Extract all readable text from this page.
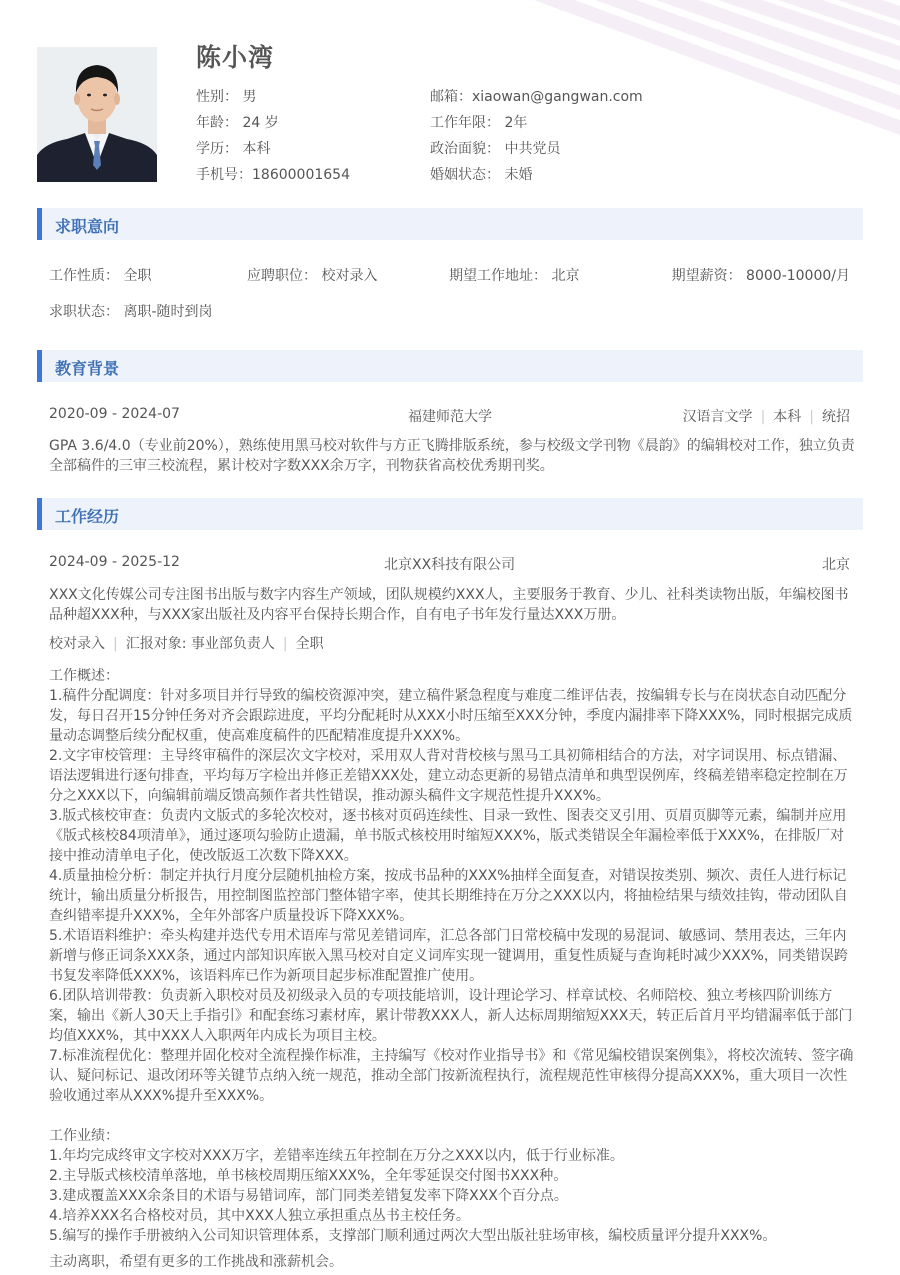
陈小湾
性别： 男	邮箱：xiaowan@gangwan.com
年龄： 24 岁	工作年限： 2年
学历： 本科	政治面貌： 中共党员
手机号：18600001654	婚姻状态： 未婚
求职意向
工作性质： 全职	应聘职位： 校对录入	期望工作地址： 北京	期望薪资： 8000-10000/月
求职状态： 离职-随时到岗
教育背景
2020-09 - 2024-07	福建师范大学	汉语言文学 | 本科 | 统招

GPA 3.6/4.0（专业前20%），熟练使用黑马校对软件与方正飞腾排版系统，参与校级文学刊物《晨韵》的编辑校对工作，独立负责全部稿件的三审三校流程，累计校对字数XXX余万字，刊物获省高校优秀期刊奖。

工作经历
2024-09 - 2025-12	北京XX科技有限公司	北京

XXX文化传媒公司专注图书出版与数字内容生产领域，团队规模约XXX人，主要服务于教育、少儿、社科类读物出版，年编校图书品种超XXX种，与XXX家出版社及内容平台保持长期合作，自有电子书年发行量达XXX万册。

校对录入 | 汇报对象: 事业部负责人 | 全职
工作概述：
1.稿件分配调度：针对多项目并行导致的编校资源冲突，建立稿件紧急程度与难度二维评估表，按编辑专长与在岗状态自动匹配分发，每日召开15分钟任务对齐会跟踪进度，平均分配耗时从XXX小时压缩至XXX分钟，季度内漏排率下降XXX%，同时根据完成质量动态调整后续分配权重，使高难度稿件的匹配精准度提升XXX%。
2.文字审校管理：主导终审稿件的深层次文字校对，采用双人背对背校核与黑马工具初筛相结合的方法，对字词误用、标点错漏、语法逻辑进行逐句排查，平均每万字检出并修正差错XXX处，建立动态更新的易错点清单和典型误例库，终稿差错率稳定控制在万分之XXX以下，向编辑前端反馈高频作者共性错误，推动源头稿件文字规范性提升XXX%。
3.版式核校审查：负责内文版式的多轮次校对，逐书核对页码连续性、目录一致性、图表交叉引用、页眉页脚等元素，编制并应用《版式核校84项清单》，通过逐项勾验防止遗漏，单书版式核校用时缩短XXX%，版式类错误全年漏检率低于XXX%，在排版厂对接中推动清单电子化，使改版返工次数下降XXX。
4.质量抽检分析：制定并执行月度分层随机抽检方案，按成书品种的XXX%抽样全面复查，对错误按类别、频次、责任人进行标记统计，输出质量分析报告，用控制图监控部门整体错字率，使其长期维持在万分之XXX以内，将抽检结果与绩效挂钩，带动团队自查纠错率提升XXX%，全年外部客户质量投诉下降XXX%。
5.术语语料维护：牵头构建并迭代专用术语库与常见差错词库，汇总各部门日常校稿中发现的易混词、敏感词、禁用表达，三年内新增与修正词条XXX条，通过内部知识库嵌入黑马校对自定义词库实现一键调用，重复性质疑与查询耗时减少XXX%，同类错误跨书复发率降低XXX%，该语料库已作为新项目起步标准配置推广使用。
6.团队培训带教：负责新入职校对员及初级录入员的专项技能培训，设计理论学习、样章试校、名师陪校、独立考核四阶训练方案，输出《新人30天上手指引》和配套练习素材库，累计带教XXX人，新人达标周期缩短XXX天，转正后首月平均错漏率低于部门均值XXX%，其中XXX人入职两年内成长为项目主校。
7.标准流程优化：整理并固化校对全流程操作标准，主持编写《校对作业指导书》和《常见编校错误案例集》，将校次流转、签字确认、疑问标记、退改闭环等关键节点纳入统一规范，推动全部门按新流程执行，流程规范性审核得分提高XXX%，重大项目一次性验收通过率从XXX%提升至XXX%。
工作业绩：
1.年均完成终审文字校对XXX万字，差错率连续五年控制在万分之XXX以内，低于行业标准。
2.主导版式核校清单落地，单书核校周期压缩XXX%，全年零延误交付图书XXX种。
3.建成覆盖XXX余条目的术语与易错词库，部门同类差错复发率下降XXX个百分点。
4.培养XXX名合格校对员，其中XXX人独立承担重点丛书主校任务。
5.编写的操作手册被纳入公司知识管理体系，支撑部门顺利通过两次大型出版社驻场审核，编校质量评分提升XXX%。

主动离职，希望有更多的工作挑战和涨薪机会。
